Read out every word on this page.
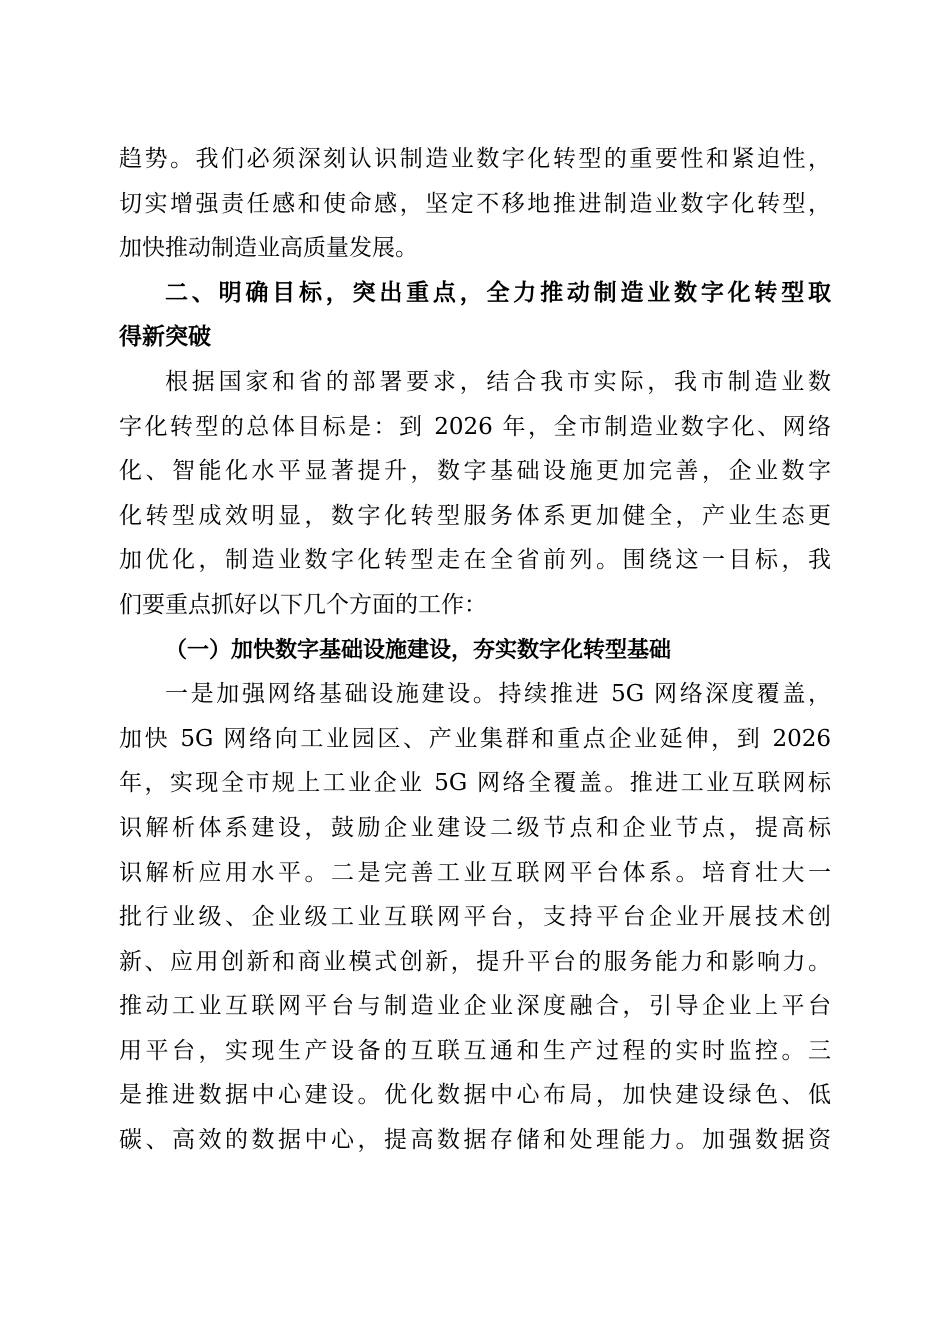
趋势。我们必须深刻认识制造业数字化转型的重要性和紧迫性，
切实增强责任感和使命感，坚定不移地推进制造业数字化转型，
加快推动制造业高质量发展。
二、明确目标，突出重点，全力推动制造业数字化转型取
得新突破
根据国家和省的部署要求，结合我市实际，我市制造业数
字化转型的总体目标是：到 2026 年，全市制造业数字化、网络
化、智能化水平显著提升，数字基础设施更加完善，企业数字
化转型成效明显，数字化转型服务体系更加健全，产业生态更
加优化，制造业数字化转型走在全省前列。围绕这一目标，我
们要重点抓好以下几个方面的工作：
（一）加快数字基础设施建设，夯实数字化转型基础
一是加强网络基础设施建设。持续推进 5G 网络深度覆盖，
加快 5G 网络向工业园区、产业集群和重点企业延伸，到 2026
年，实现全市规上工业企业 5G 网络全覆盖。推进工业互联网标
识解析体系建设，鼓励企业建设二级节点和企业节点，提高标
识解析应用水平。二是完善工业互联网平台体系。培育壮大一
批行业级、企业级工业互联网平台，支持平台企业开展技术创
新、应用创新和商业模式创新，提升平台的服务能力和影响力。
推动工业互联网平台与制造业企业深度融合，引导企业上平台
用平台，实现生产设备的互联互通和生产过程的实时监控。三
是推进数据中心建设。优化数据中心布局，加快建设绿色、低
碳、高效的数据中心，提高数据存储和处理能力。加强数据资
